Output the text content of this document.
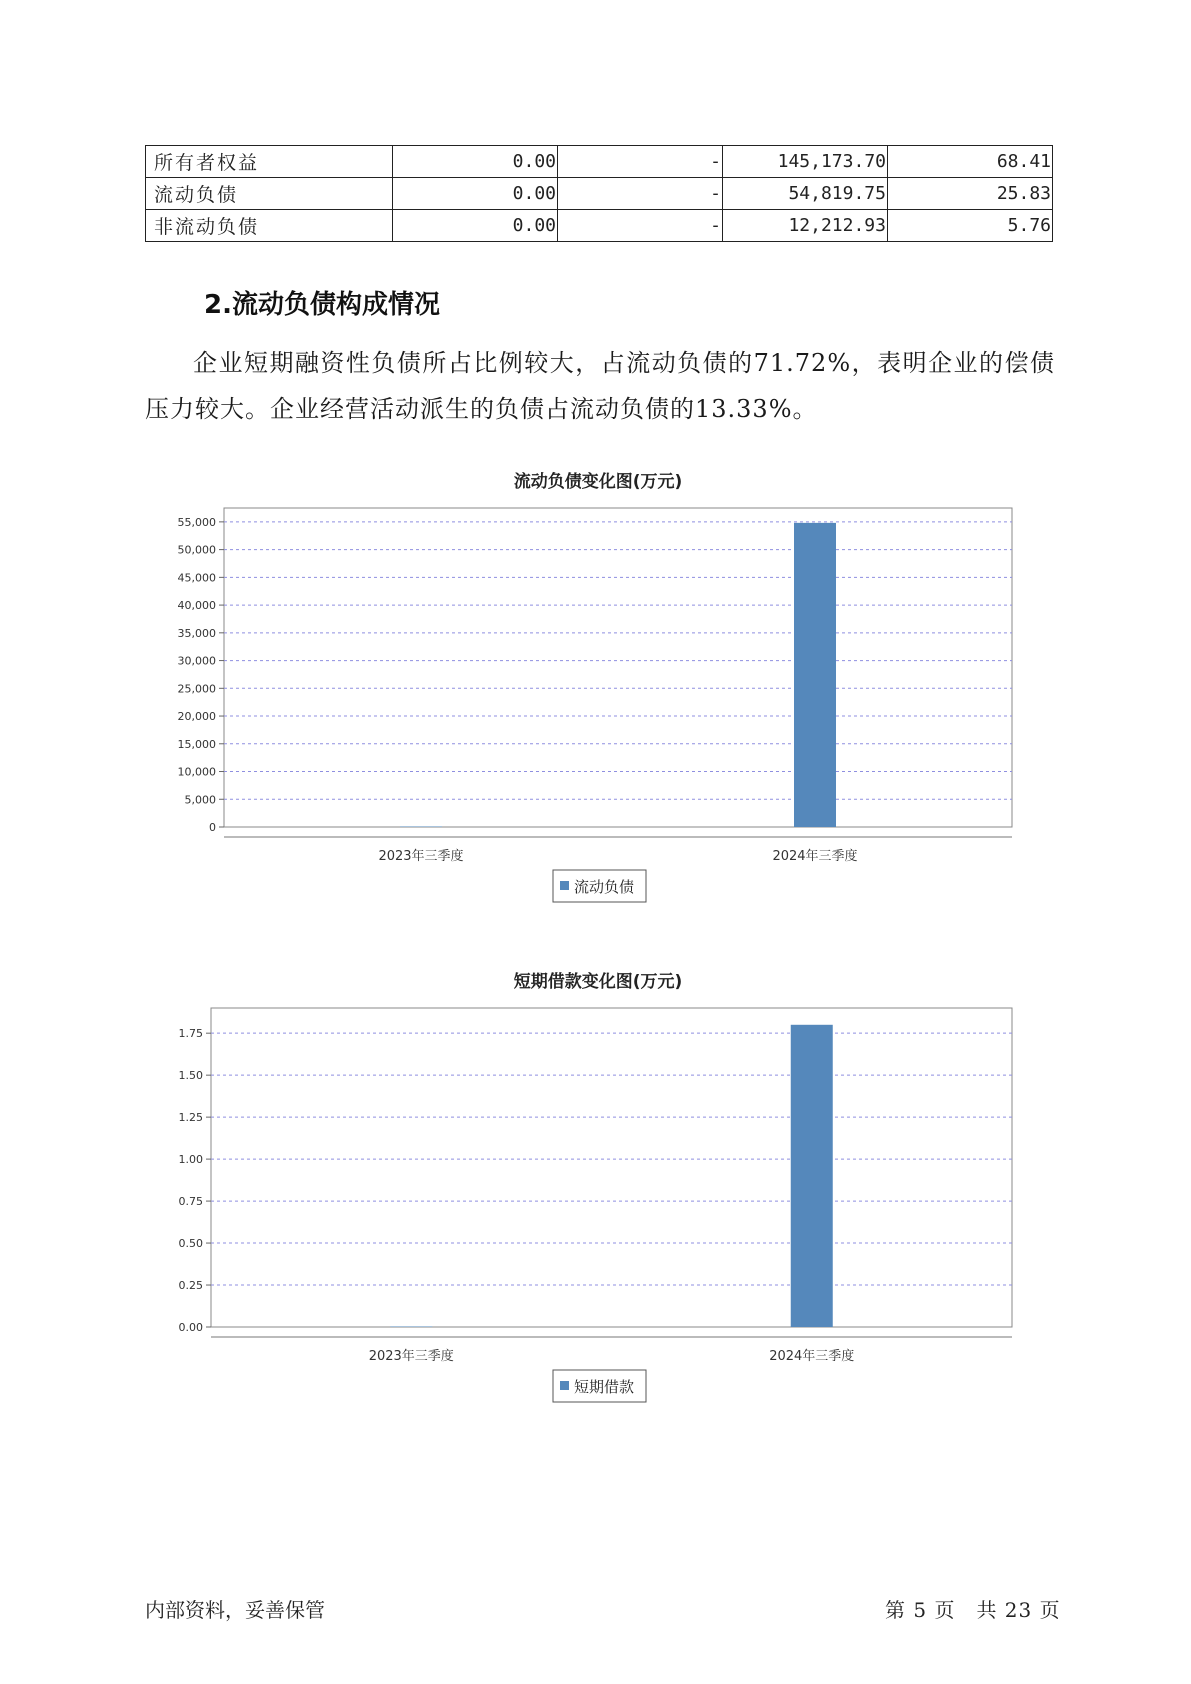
所有者权益	0.00	-	145,173.70	68.41
流动负债	0.00	-	54,819.75	25.83
非流动负债	0.00	-	12,212.93	5.76
2.流动负债构成情况

企业短期融资性负债所占比例较大，占流动负债的71.72%，表明企业的偿债压力较大。企业经营活动派生的负债占流动负债的13.33%。

流动负债变化图(万元)
0
5,000
10,000
15,000
20,000
25,000
30,000
35,000
40,000
45,000
50,000
55,000
2023年三季度	2024年三季度
流动负债
短期借款变化图(万元)
0.00
0.25
0.50
0.75
1.00
1.25
1.50
1.75
2023年三季度	2024年三季度
短期借款
内部资料，妥善保管	第 5 页　共 23 页
